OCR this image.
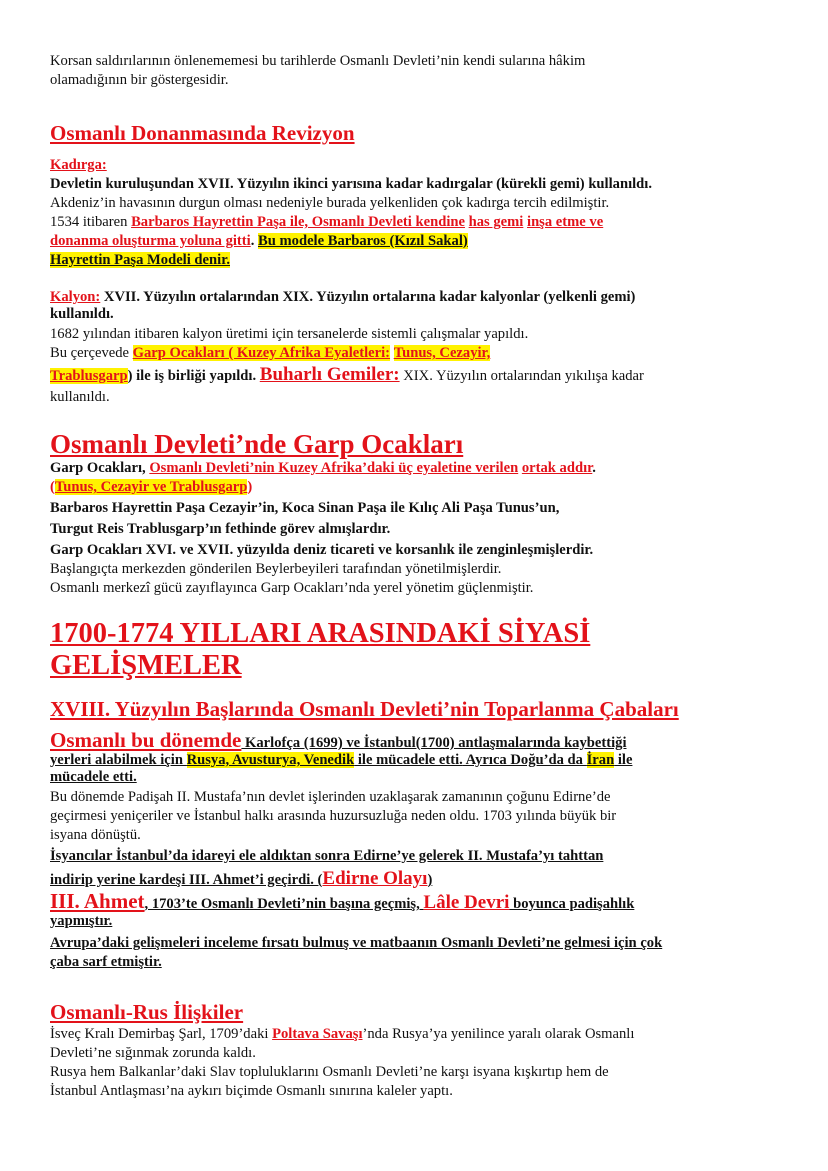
Korsan saldırılarının önlenememesi bu tarihlerde Osmanlı Devleti’nin kendi sularına hâkim
olamadığının bir göstergesidir.

Osmanlı Donanmasında Revizyon

Kadırga:

Devletin kuruluşundan XVII. Yüzyılın ikinci yarısına kadar kadırgalar (kürekli gemi) kullanıldı.

Akdeniz’in havasının durgun olması nedeniyle burada yelkenliden çok kadırga tercih edilmiştir.

1534 itibaren Barbaros Hayrettin Paşa ile, Osmanlı Devleti kendine has gemi inşa etme ve

donanma oluşturma yoluna gitti. Bu modele Barbaros (Kızıl Sakal)

Hayrettin Paşa Modeli denir.

Kalyon: XVII. Yüzyılın ortalarından XIX. Yüzyılın ortalarına kadar kalyonlar (yelkenli gemi)

kullanıldı.

1682 yılından itibaren kalyon üretimi için tersanelerde sistemli çalışmalar yapıldı.

Bu çerçevede Garp Ocakları ( Kuzey Afrika Eyaletleri: Tunus, Cezayir,

Trablusgarp) ile iş birliği yapıldı. Buharlı Gemiler: XIX. Yüzyılın ortalarından yıkılışa kadar

kullanıldı.

Osmanlı Devleti’nde Garp Ocakları

Garp Ocakları, Osmanlı Devleti’nin Kuzey Afrika’daki üç eyaletine verilen ortak addır.

(Tunus, Cezayir ve Trablusgarp)

Barbaros Hayrettin Paşa Cezayir’in, Koca Sinan Paşa ile Kılıç Ali Paşa Tunus’un,

Turgut Reis Trablusgarp’ın fethinde görev almışlardır.

Garp Ocakları XVI. ve XVII. yüzyılda deniz ticareti ve korsanlık ile zenginleşmişlerdir.

Başlangıçta merkezden gönderilen Beylerbeyileri tarafından yönetilmişlerdir.

Osmanlı merkezî gücü zayıflayınca Garp Ocakları’nda yerel yönetim güçlenmiştir.

1700-1774 YILLARI ARASINDAKİ SİYASİ GELİŞMELER

XVIII. Yüzyılın Başlarında Osmanlı Devleti’nin Toparlanma Çabaları

Osmanlı bu dönemde Karlofça (1699) ve İstanbul(1700) antlaşmalarında kaybettiği

yerleri alabilmek için Rusya, Avusturya, Venedik ile mücadele etti. Ayrıca Doğu’da da İran ile

mücadele etti.

Bu dönemde Padişah II. Mustafa’nın devlet işlerinden uzaklaşarak zamanının çoğunu Edirne’de

geçirmesi yeniçeriler ve İstanbul halkı arasında huzursuzluğa neden oldu. 1703 yılında büyük bir

isyana dönüştü.

İsyancılar İstanbul’da idareyi ele aldıktan sonra Edirne’ye gelerek II. Mustafa’yı tahttan

indirip yerine kardeşi III. Ahmet’i geçirdi. (Edirne Olayı)

III. Ahmet, 1703’te Osmanlı Devleti’nin başına geçmiş, Lâle Devri boyunca padişahlık

yapmıştır.

Avrupa’daki gelişmeleri inceleme fırsatı bulmuş ve matbaanın Osmanlı Devleti’ne gelmesi için çok

çaba sarf etmiştir.

Osmanlı-Rus İlişkiler

İsveç Kralı Demirbaş Şarl, 1709’daki Poltava Savaşı’nda Rusya’ya yenilince yaralı olarak Osmanlı

Devleti’ne sığınmak zorunda kaldı.

Rusya hem Balkanlar’daki Slav topluluklarını Osmanlı Devleti’ne karşı isyana kışkırtıp hem de

İstanbul Antlaşması’na aykırı biçimde Osmanlı sınırına kaleler yaptı.
